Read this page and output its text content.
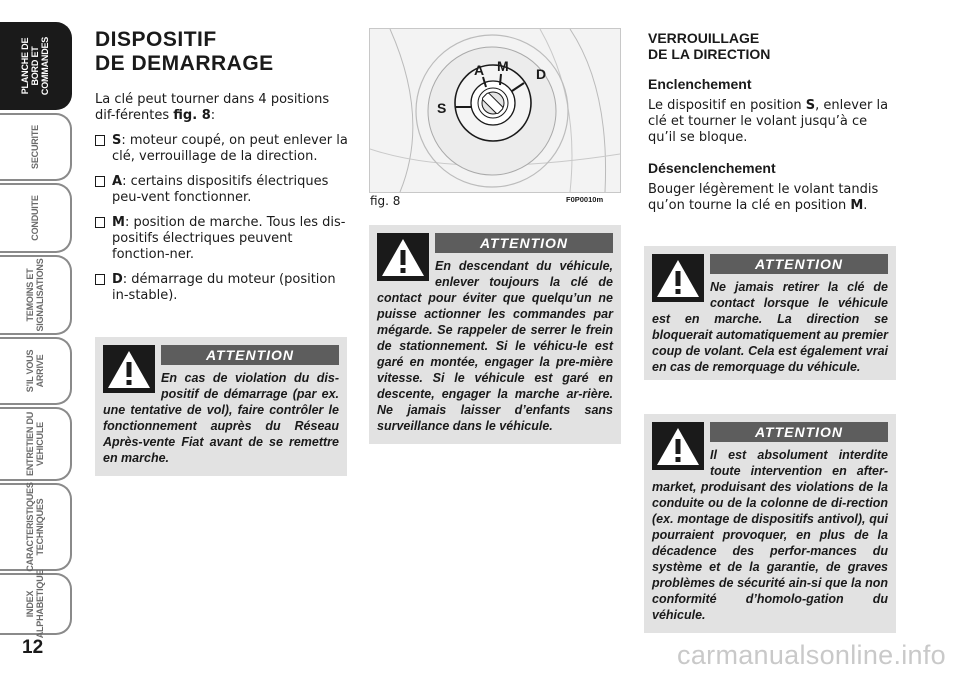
PLANCHE DE
BORD ET
COMMANDES
SECURITE
CONDUITE
TEMOINS ET
SIGNALISATIONS
S’IL VOUS
ARRIVE
ENTRETIEN DU
VEHICULE
CARACTERISTIQUES
TECHNIQUES
INDEX
ALPHABETIQUE
12
DISPOSITIF
DE DEMARRAGE

La clé peut tourner dans 4 positions dif-férentes fig. 8:

S: moteur coupé, on peut enlever la clé, verrouillage de la direction.
A: certains dispositifs électriques peu-vent fonctionner.
M: position de marche. Tous les dis-positifs électriques peuvent fonction-ner.
D: démarrage du moteur (position in-stable).
ATTENTION

En cas de violation du dis-positif de démarrage (par ex. une tentative de vol), faire contrôler le fonctionnement auprès du Réseau Après-vente Fiat avant de se remettre en marche.

S
A M D
fig. 8	F0P0010m
ATTENTION

En descendant du véhicule, enlever toujours la clé de contact pour éviter que quelqu’un ne puisse actionner les commandes par mégarde. Se rappeler de serrer le frein de stationnement. Si le véhicu-le est garé en montée, engager la pre-mière vitesse. Si le véhicule est garé en descente, engager la marche ar-rière. Ne jamais laisser d’enfants sans surveillance dans le véhicule.

VERROUILLAGE
DE LA DIRECTION
Enclenchement

Le dispositif en position S, enlever la clé et tourner le volant jusqu’à ce qu’il se bloque.

Désenclenchement

Bouger légèrement le volant tandis qu’on tourne la clé en position M.

ATTENTION

Ne jamais retirer la clé de contact lorsque le véhicule est en marche. La direction se bloquerait automatiquement au premier coup de volant. Cela est également vrai en cas de remorquage du véhicule.

ATTENTION

Il est absolument interdite toute intervention en after-market, produisant des violations de la conduite ou de la colonne de di-rection (ex. montage de dispositifs antivol), qui pourraient provoquer, en plus de la décadence des perfor-mances du système et de la garantie, de graves problèmes de sécurité ain-si que la non conformité d’homolo-gation du véhicule.

carmanualsonline.info
